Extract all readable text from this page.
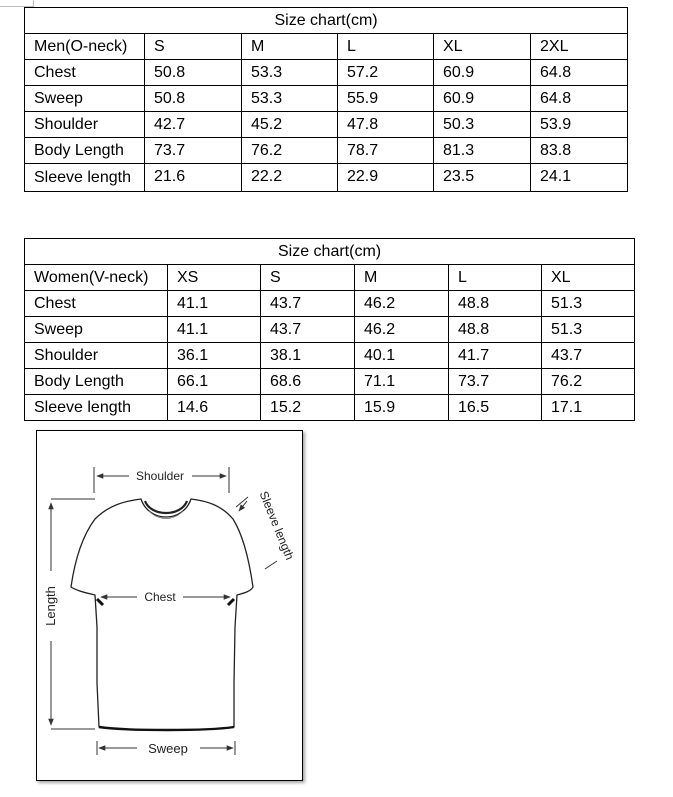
Size chart(cm)					
Men(O-neck)	S	M	L	XL	2XL
Chest	50.8	53.3	57.2	60.9	64.8
Sweep	50.8	53.3	55.9	60.9	64.8
Shoulder	42.7	45.2	47.8	50.3	53.9
Body Length	73.7	76.2	78.7	81.3	83.8
Sleeve length	21.6	22.2	22.9	23.5	24.1
Size chart(cm)					
Women(V-neck)	XS	S	M	L	XL
Chest	41.1	43.7	46.2	48.8	51.3
Sweep	41.1	43.7	46.2	48.8	51.3
Shoulder	36.1	38.1	40.1	41.7	43.7
Body Length	66.1	68.6	71.1	73.7	76.2
Sleeve length	14.6	15.2	15.9	16.5	17.1
Shoulder
Sleeve length
Chest
Length
Sweep
